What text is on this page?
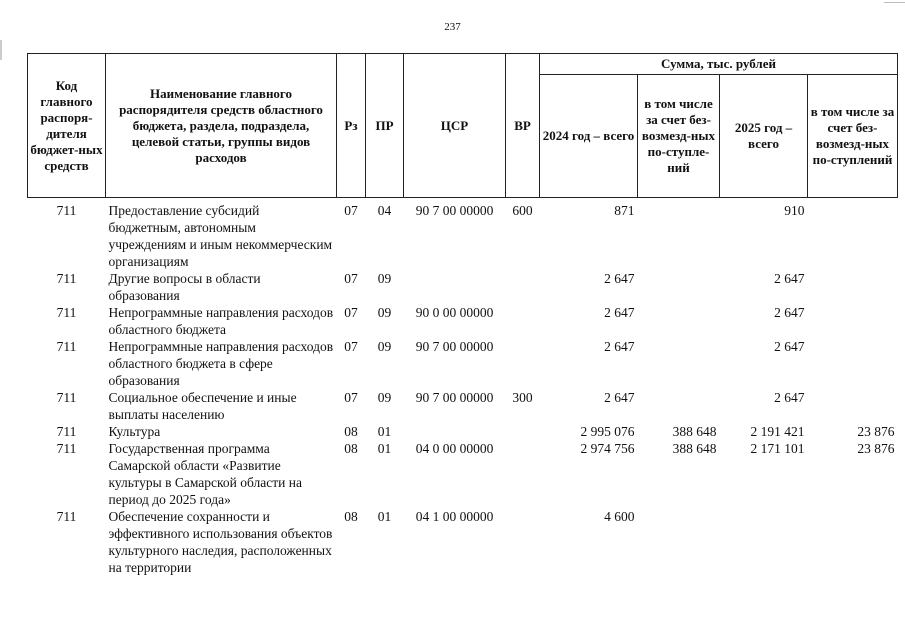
237
Код главного распоря-дителя бюджет-ных средств	Наименование главного распорядителя средств областного бюджета, раздела, подраздела, целевой статьи, группы видов расходов	Рз	ПР	ЦСР	ВР	Сумма, тыс. рублей			
						2024 год – всего	в том числе за счет без-возмезд-ных по-ступле-ний	2025 год – всего	в том числе за счет без-возмезд-ных по-ступлений
711	Предоставление субсидий бюджетным, автономным учреждениям и иным некоммерческим организациям	07	04	90 7 00 00000	600	871		910	
711	Другие вопросы в области образования	07	09			2 647		2 647	
711	Непрограммные направления расходов областного бюджета	07	09	90 0 00 00000		2 647		2 647	
711	Непрограммные направления расходов областного бюджета в сфере образования	07	09	90 7 00 00000		2 647		2 647	
711	Социальное обеспечение и иные выплаты населению	07	09	90 7 00 00000	300	2 647		2 647	
711	Культура	08	01			2 995 076	388 648	2 191 421	23 876
711	Государственная программа Самарской области «Развитие культуры в Самарской области на период до 2025 года»	08	01	04 0 00 00000		2 974 756	388 648	2 171 101	23 876
711	Обеспечение сохранности и эффективного использования объектов культурного наследия, расположенных на территории	08	01	04 1 00 00000		4 600			
